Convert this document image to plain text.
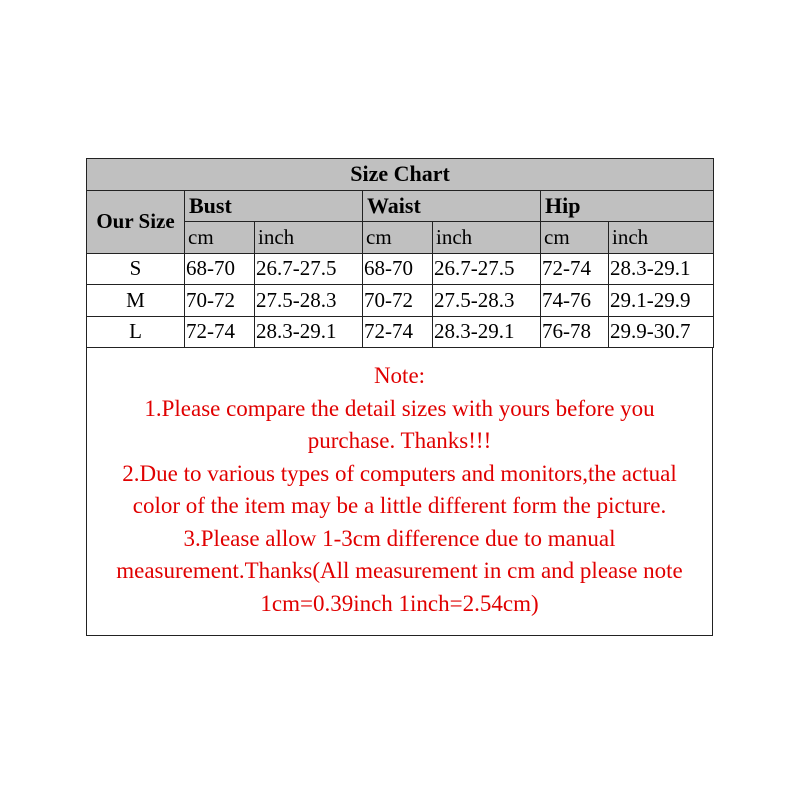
Size Chart						
Our Size	Bust		Waist		Hip	
	cm	inch	cm	inch	cm	inch
S	68-70	26.7-27.5	68-70	26.7-27.5	72-74	28.3-29.1
M	70-72	27.5-28.3	70-72	27.5-28.3	74-76	29.1-29.9
L	72-74	28.3-29.1	72-74	28.3-29.1	76-78	29.9-30.7
Note:
1.Please compare the detail sizes with yours before you
purchase. Thanks!!!
2.Due to various types of computers and monitors,the actual
color of the item may be a little different form the picture.
3.Please allow 1-3cm difference due to manual
measurement.Thanks(All measurement in cm and please note
1cm=0.39inch 1inch=2.54cm)
